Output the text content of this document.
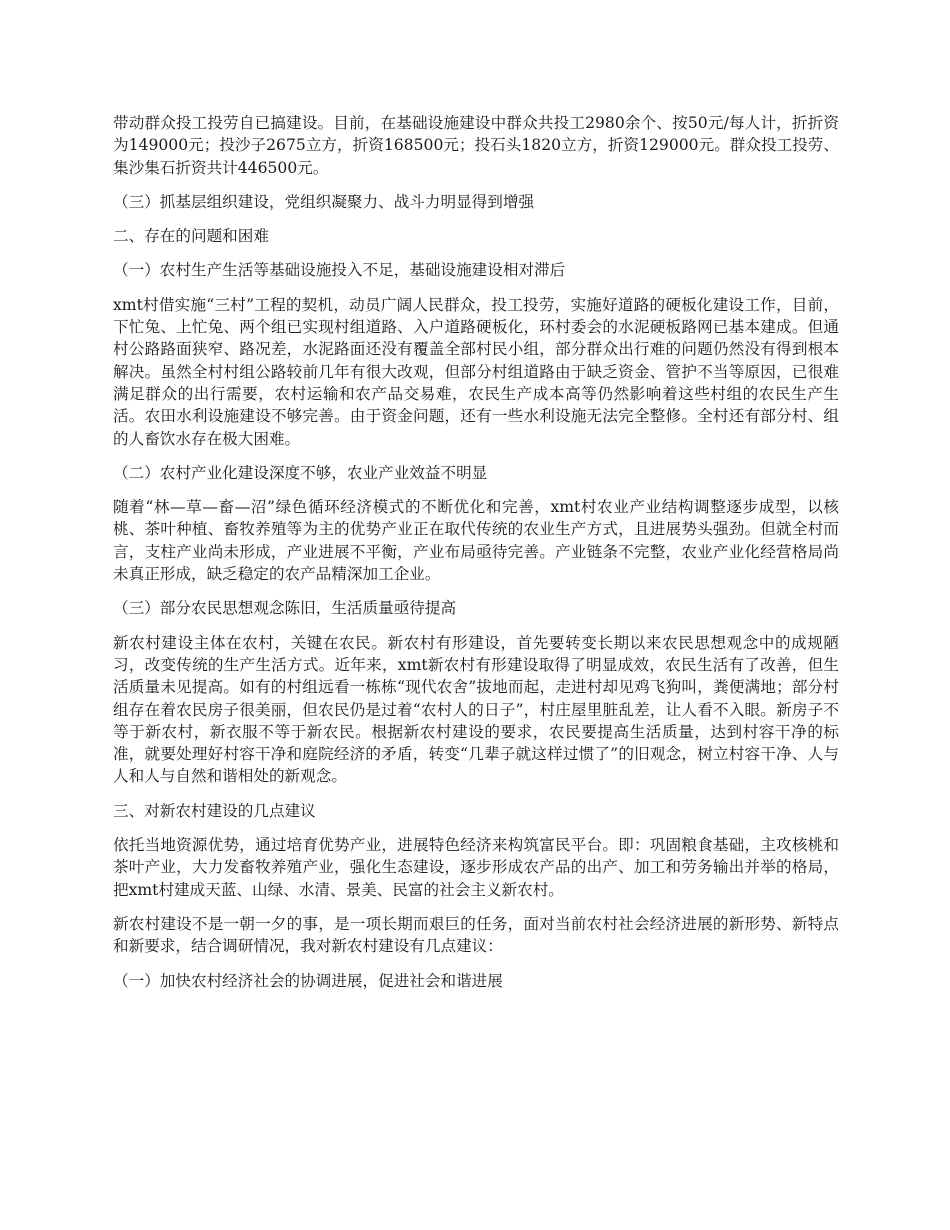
带动群众投工投劳自已搞建设。目前，在基础设施建设中群众共投工2980余个、按50元/每人计，折折资为149000元；投沙子2675立方，折资168500元；投石头1820立方，折资129000元。群众投工投劳、集沙集石折资共计446500元。

（三）抓基层组织建设，党组织凝聚力、战斗力明显得到增强

二、存在的问题和困难

（一）农村生产生活等基础设施投入不足，基础设施建设相对滞后

xmt村借实施“三村”工程的契机，动员广阔人民群众，投工投劳，实施好道路的硬板化建设工作，目前，下忙兔、上忙兔、两个组已实现村组道路、入户道路硬板化，环村委会的水泥硬板路网已基本建成。但通村公路路面狭窄、路况差，水泥路面还没有覆盖全部村民小组，部分群众出行难的问题仍然没有得到根本解决。虽然全村村组公路较前几年有很大改观，但部分村组道路由于缺乏资金、管护不当等原因，已很难满足群众的出行需要，农村运输和农产品交易难，农民生产成本高等仍然影响着这些村组的农民生产生活。农田水利设施建设不够完善。由于资金问题，还有一些水利设施无法完全整修。全村还有部分村、组的人畜饮水存在极大困难。

（二）农村产业化建设深度不够，农业产业效益不明显

随着“林—草—畜—沼”绿色循环经济模式的不断优化和完善，xmt村农业产业结构调整逐步成型，以核桃、茶叶种植、畜牧养殖等为主的优势产业正在取代传统的农业生产方式，且进展势头强劲。但就全村而言，支柱产业尚未形成，产业进展不平衡，产业布局亟待完善。产业链条不完整，农业产业化经营格局尚未真正形成，缺乏稳定的农产品精深加工企业。

（三）部分农民思想观念陈旧，生活质量亟待提高

新农村建设主体在农村，关键在农民。新农村有形建设，首先要转变长期以来农民思想观念中的成规陋习，改变传统的生产生活方式。近年来，xmt新农村有形建设取得了明显成效，农民生活有了改善，但生活质量未见提高。如有的村组远看一栋栋“现代农舍”拔地而起，走进村却见鸡飞狗叫，粪便满地；部分村组存在着农民房子很美丽，但农民仍是过着“农村人的日子”，村庄屋里脏乱差，让人看不入眼。新房子不等于新农村，新衣服不等于新农民。根据新农村建设的要求，农民要提高生活质量，达到村容干净的标准，就要处理好村容干净和庭院经济的矛盾，转变“几辈子就这样过惯了”的旧观念，树立村容干净、人与人和人与自然和谐相处的新观念。

三、对新农村建设的几点建议

依托当地资源优势，通过培育优势产业，进展特色经济来构筑富民平台。即：巩固粮食基础，主攻核桃和茶叶产业，大力发畜牧养殖产业，强化生态建设，逐步形成农产品的出产、加工和劳务输出并举的格局，把xmt村建成天蓝、山绿、水清、景美、民富的社会主义新农村。

新农村建设不是一朝一夕的事，是一项长期而艰巨的任务，面对当前农村社会经济进展的新形势、新特点和新要求，结合调研情况，我对新农村建设有几点建议：

（一）加快农村经济社会的协调进展，促进社会和谐进展
